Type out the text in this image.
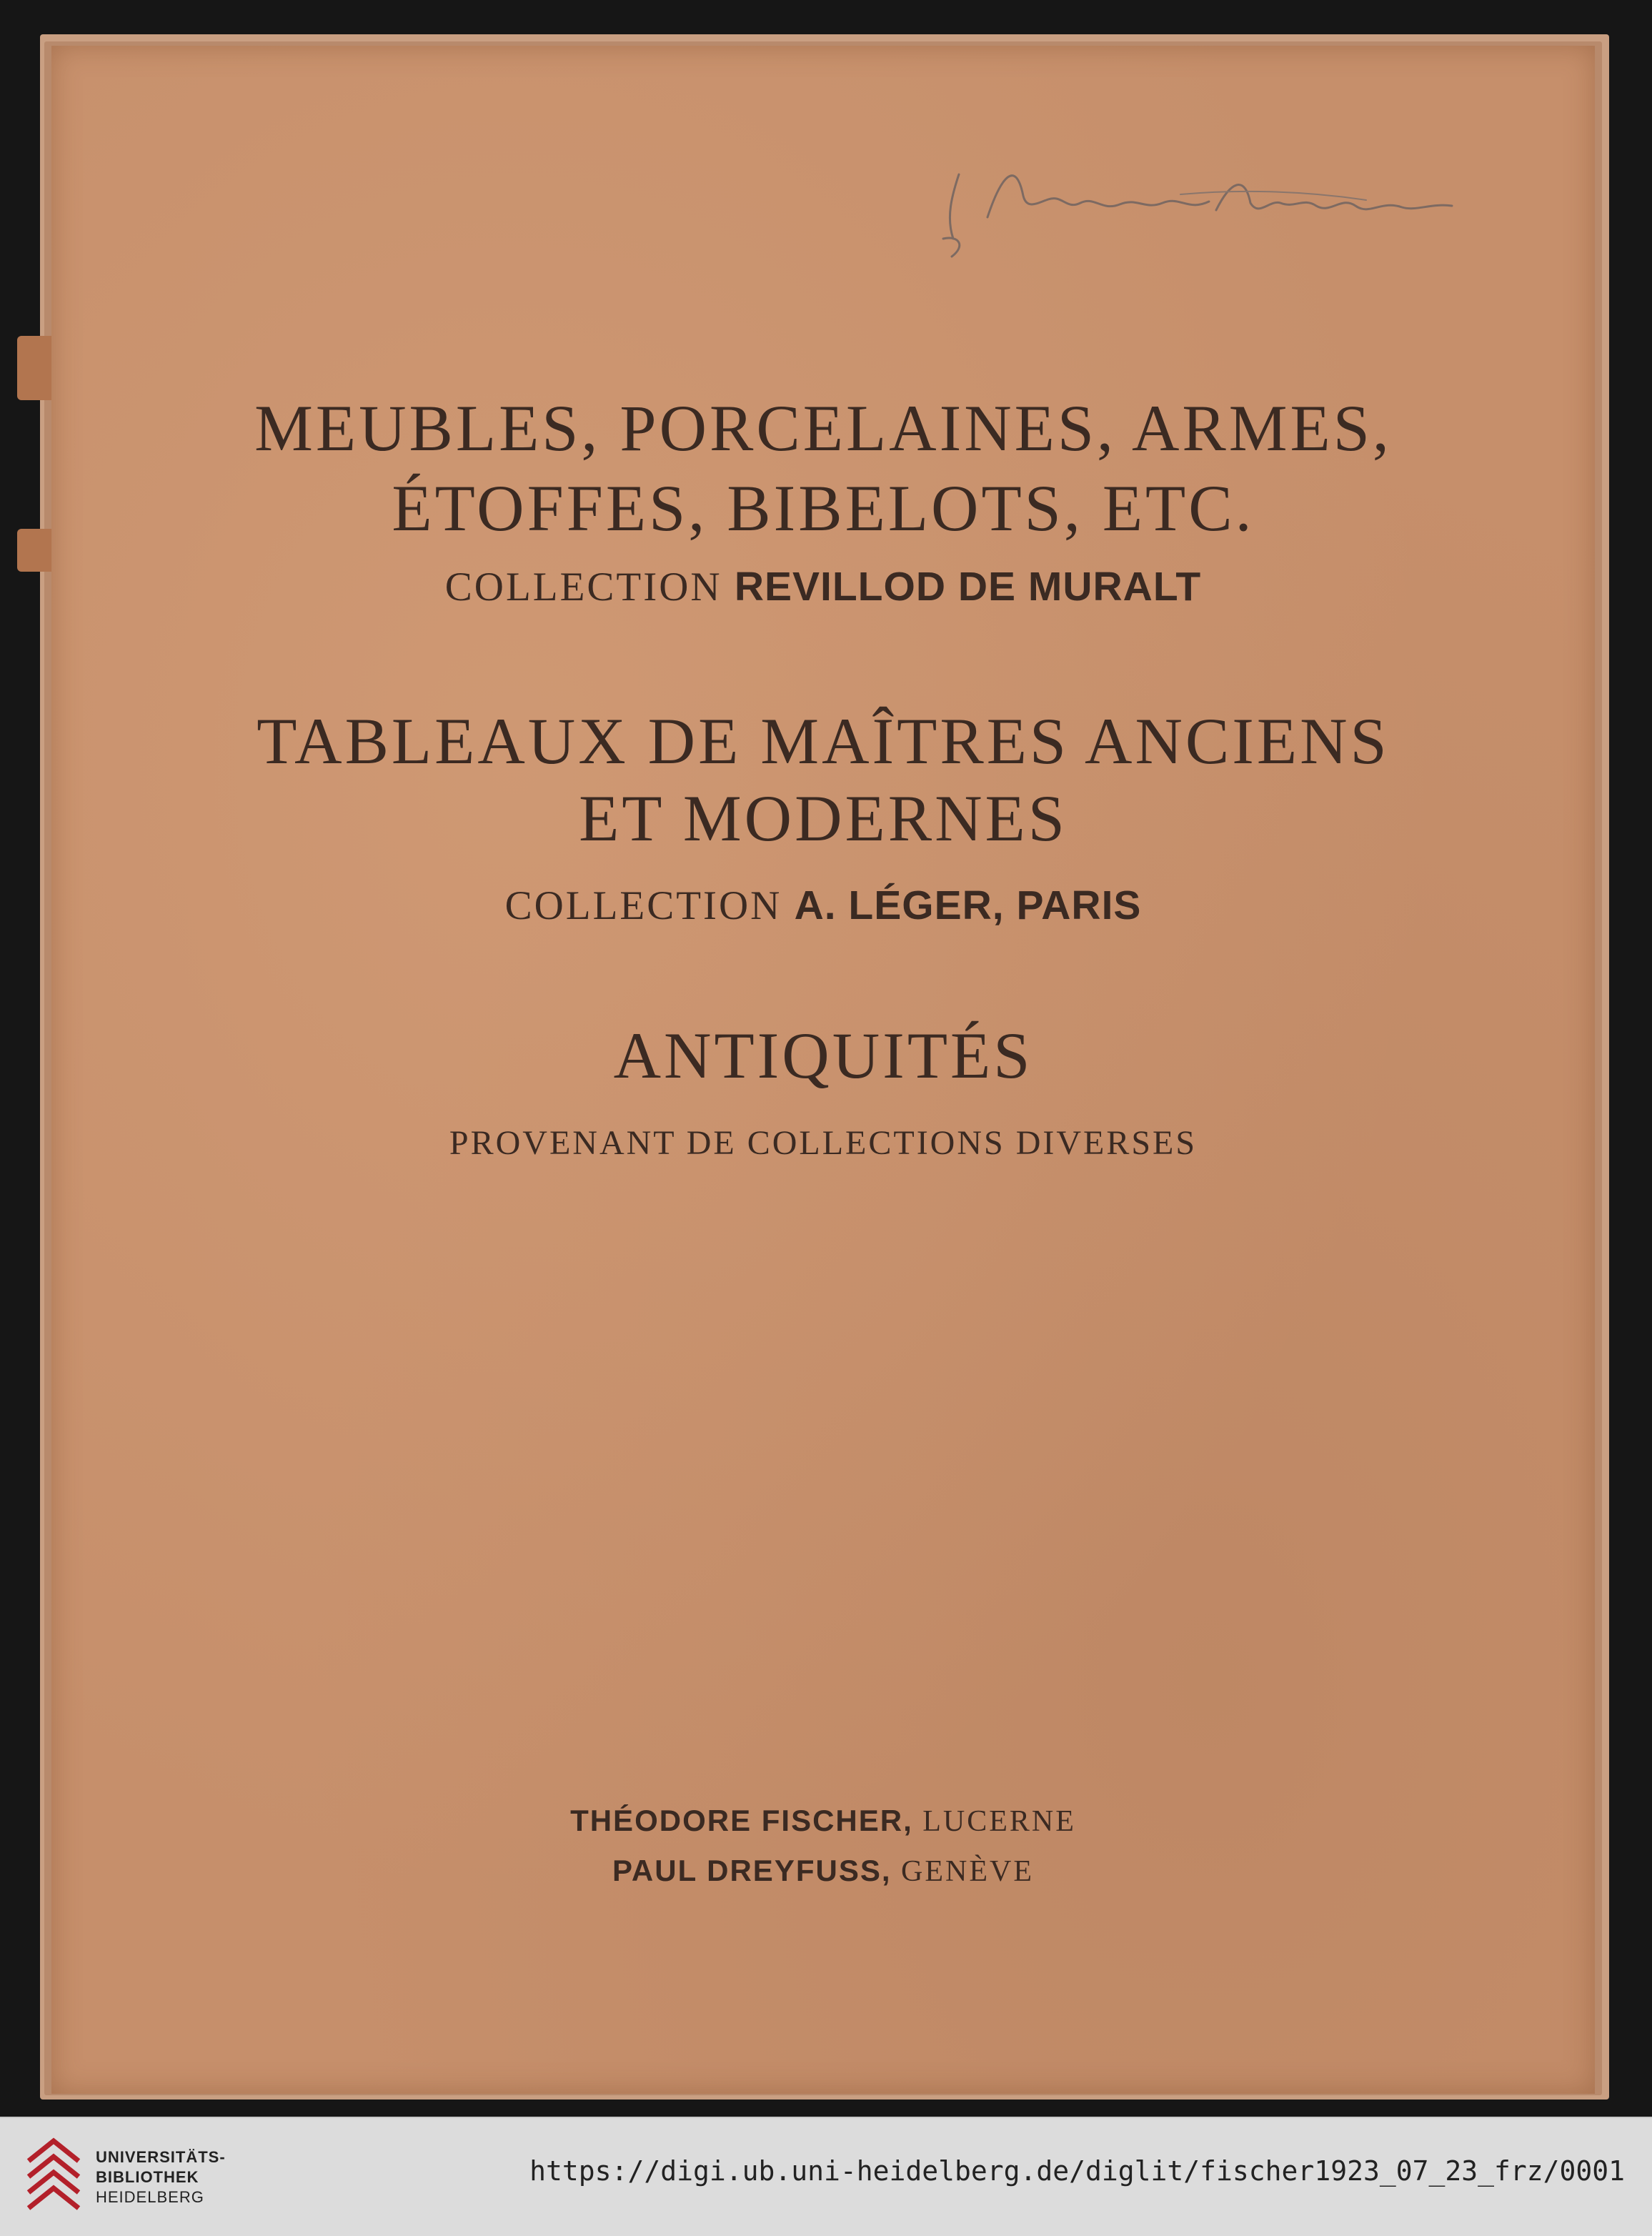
MEUBLES, PORCELAINES, ARMES,
ÉTOFFES, BIBELOTS, ETC.
COLLECTION REVILLOD DE MURALT
TABLEAUX DE MAÎTRES ANCIENS
ET MODERNES
COLLECTION A. LÉGER, PARIS
ANTIQUITÉS
PROVENANT DE COLLECTIONS DIVERSES
THÉODORE FISCHER, LUCERNE
PAUL DREYFUSS, GENÈVE
UNIVERSITÄTS-
BIBLIOTHEK
HEIDELBERG
https://digi.ub.uni-heidelberg.de/diglit/fischer1923_07_23_frz/0001
